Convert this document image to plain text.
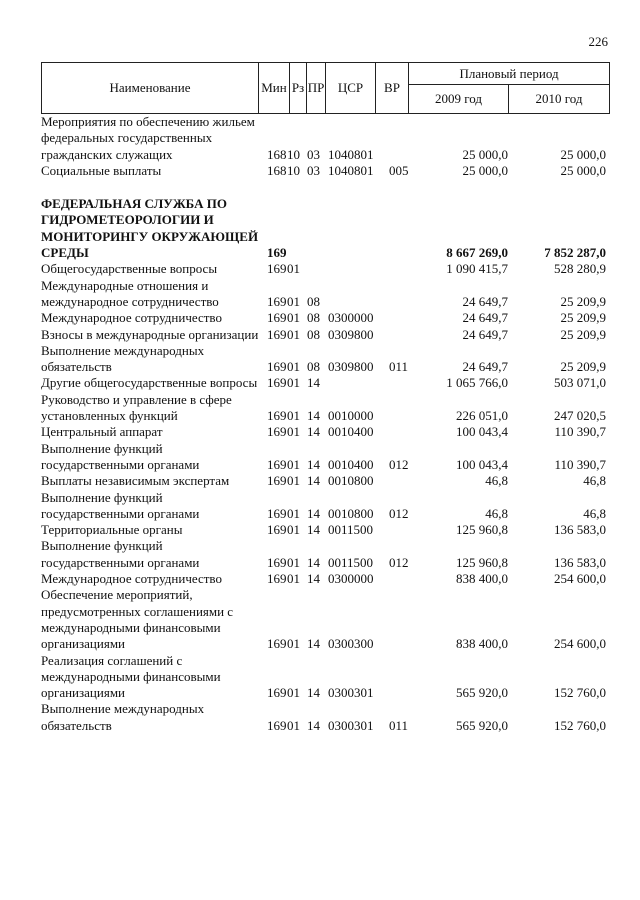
226
Наименование	Мин	Рз	ПР	ЦСР	ВР	Плановый период	
						2009 год	2010 год
Мероприятия по обеспечению жильем федеральных государственных гражданских служащих	168 10 03 1040801	25 000,0	25 000,0
Социальные выплаты	168 10 03 1040801 005	25 000,0	25 000,0
ФЕДЕРАЛЬНАЯ СЛУЖБА ПО ГИДРОМЕТЕОРОЛОГИИ И МОНИТОРИНГУ ОКРУЖАЮЩЕЙ СРЕДЫ	169	8 667 269,0	7 852 287,0
Общегосударственные вопросы	169 01	1 090 415,7	528 280,9
Международные отношения и международное сотрудничество	169 01 08	24 649,7	25 209,9
Международное сотрудничество	169 01 08 0300000	24 649,7	25 209,9
Взносы в международные организации 169 01 08 0309800	24 649,7	25 209,9
Выполнение международных обязательств	169 01 08 0309800 011	24 649,7	25 209,9
Другие общегосударственные вопросы 169 01 14	1 065 766,0	503 071,0
Руководство и управление в сфере установленных функций	169 01 14 0010000	226 051,0	247 020,5
Центральный аппарат	169 01 14 0010400	100 043,4	110 390,7
Выполнение функций государственными органами	169 01 14 0010400 012	100 043,4	110 390,7
Выплаты независимым экспертам	169 01 14 0010800	46,8	46,8
Выполнение функций государственными органами	169 01 14 0010800 012	46,8	46,8
Территориальные органы	169 01 14 0011500	125 960,8	136 583,0
Выполнение функций государственными органами	169 01 14 0011500 012	125 960,8	136 583,0
Международное сотрудничество	169 01 14 0300000	838 400,0	254 600,0
Обеспечение мероприятий, предусмотренных соглашениями с международными финансовыми организациями	169 01 14 0300300	838 400,0	254 600,0
Реализация соглашений с международными финансовыми организациями	169 01 14 0300301	565 920,0	152 760,0
Выполнение международных обязательств	169 01 14 0300301 011	565 920,0	152 760,0
